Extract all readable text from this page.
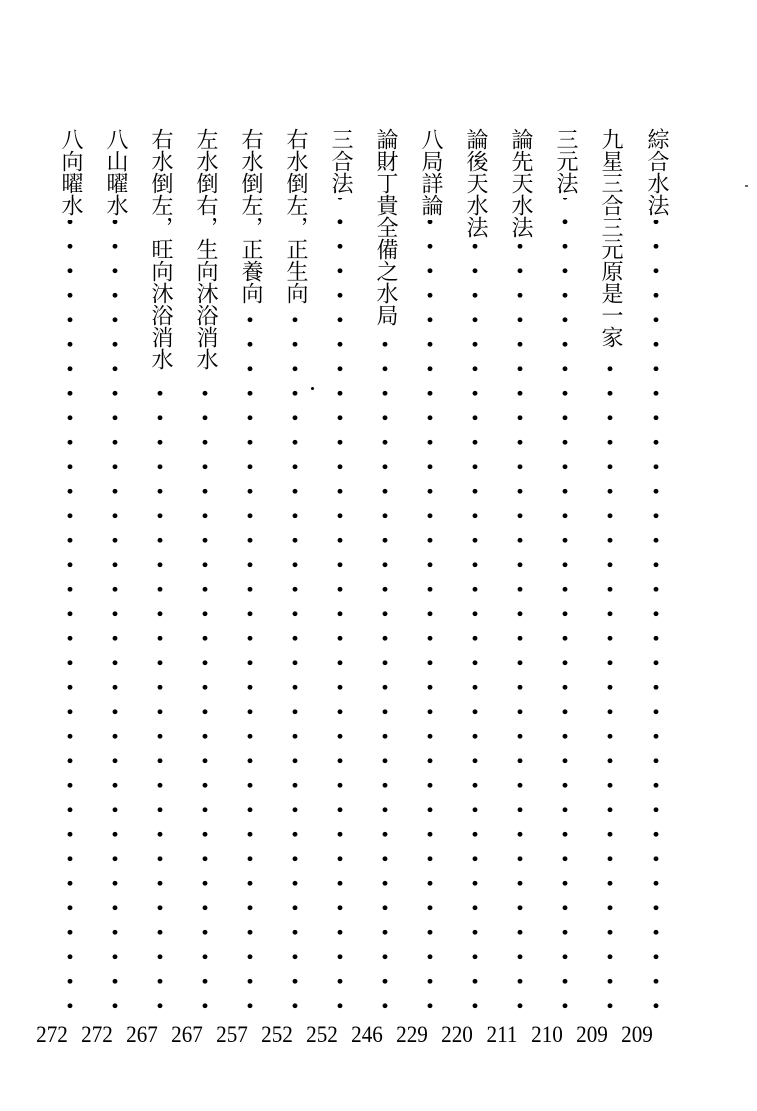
綜合水法
九星三合三元原是一家
三元法
論先天水法
論後天水法
八局詳論
論財丁貴全備之水局
三合法
右水倒左，正生向
右水倒左，正養向
左水倒右，生向沐浴消水
右水倒左，旺向沐浴消水
八山曜水
八向曜水
209
209
210
211
220
229
246
252
252
257
267
267
272
272
